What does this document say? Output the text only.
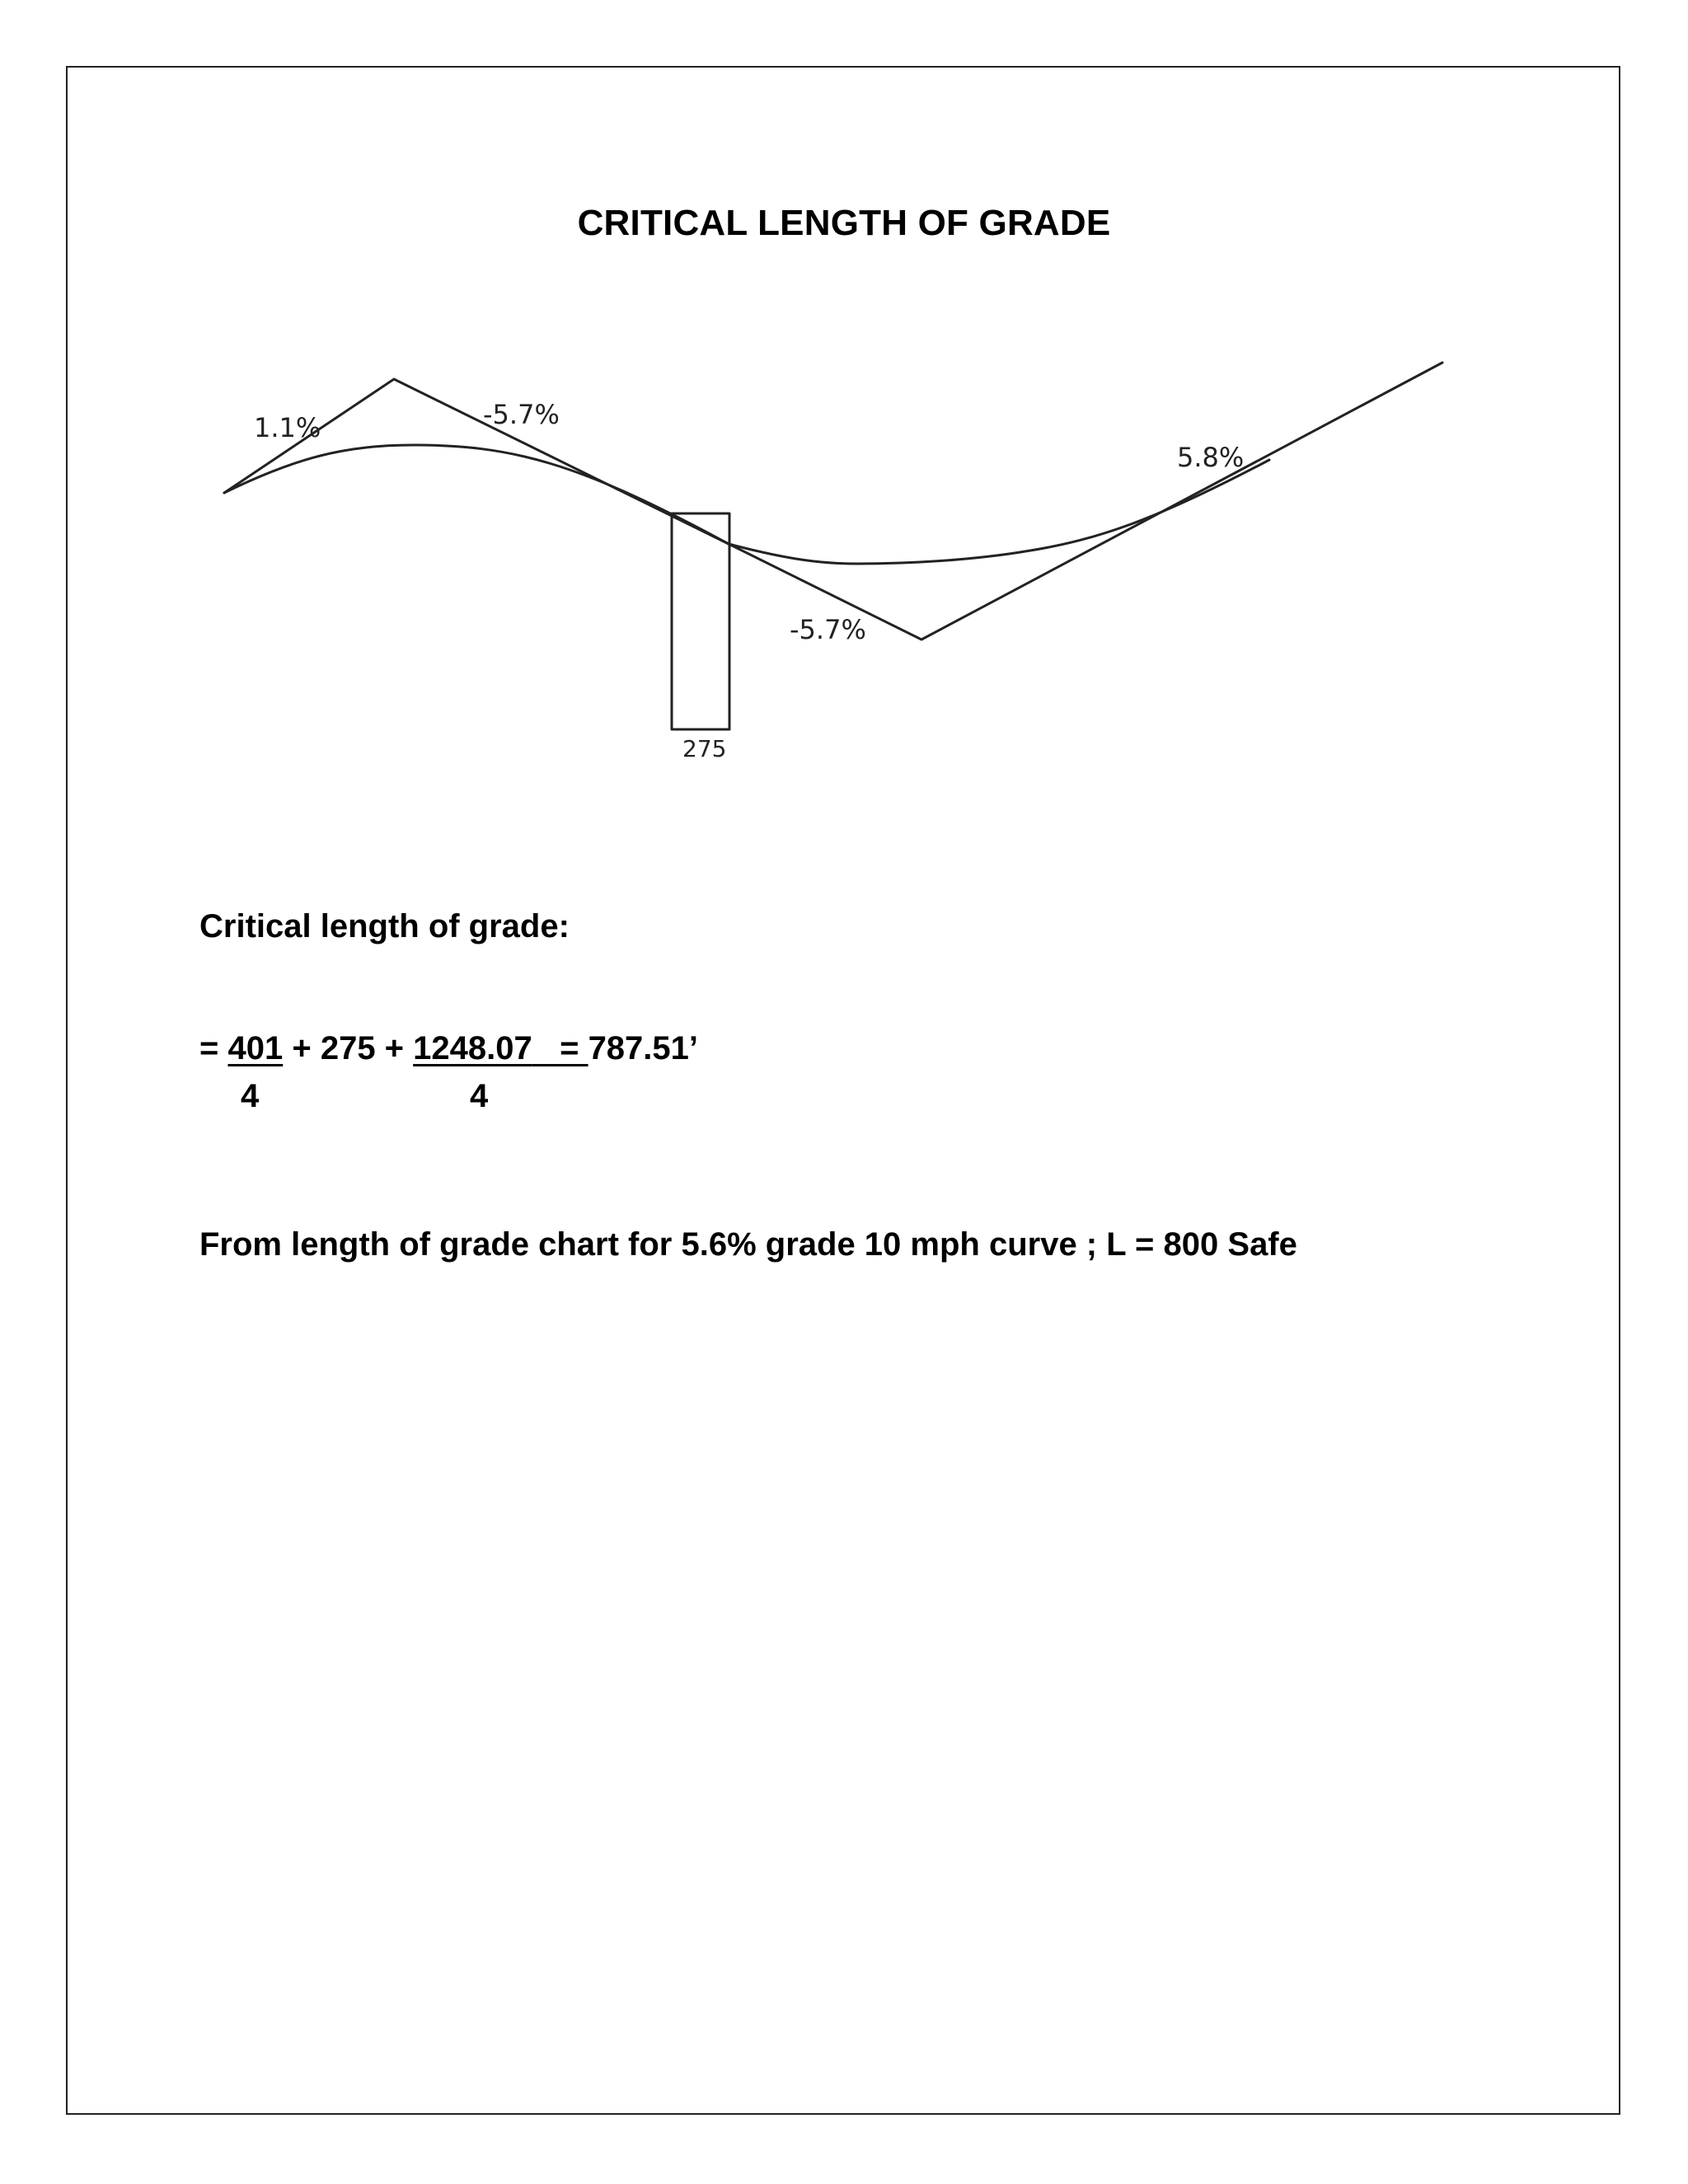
CRITICAL LENGTH OF GRADE
1.1%	-5.7%
-5.7%
5.8%
275
Critical length of grade:
= 401 + 275 + 1248.07   = 787.51’
4	4
From length of grade chart for 5.6% grade 10 mph curve ; L = 800 Safe
